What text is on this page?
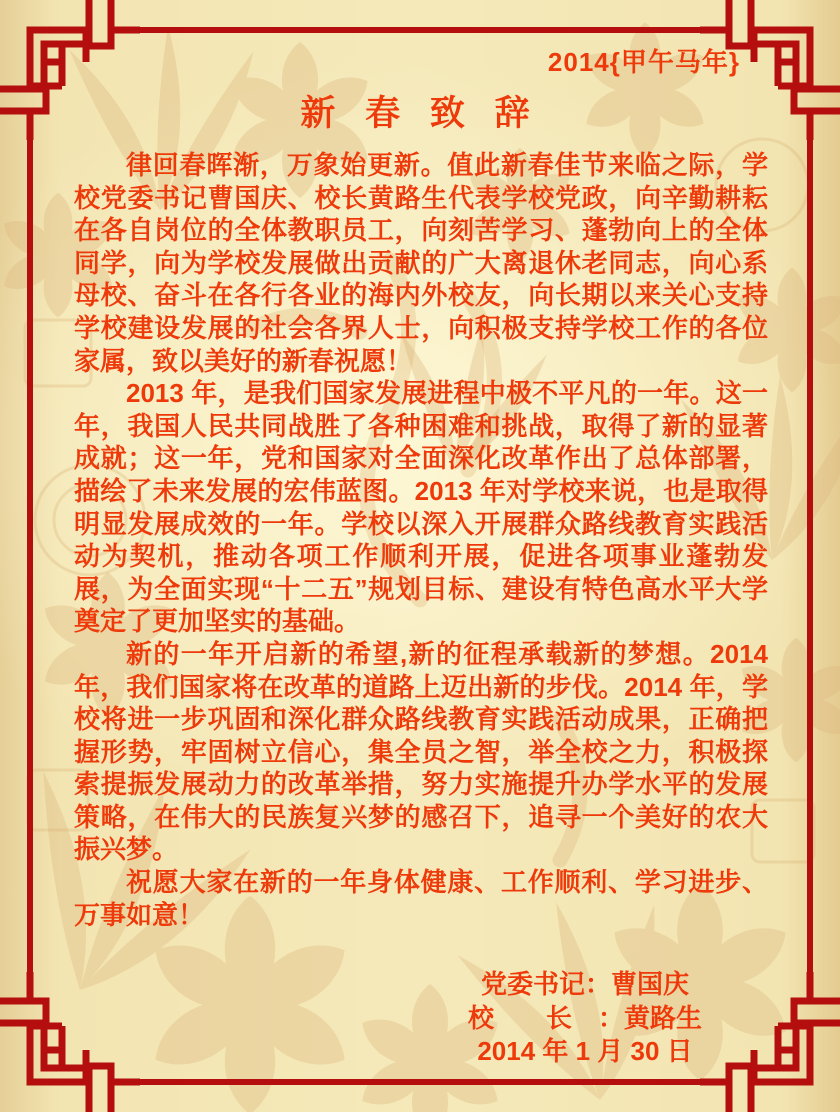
2014{甲午马年}
新 春 致 辞

律回春晖渐，万象始更新。值此新春佳节来临之际，学校党委书记曹国庆、校长黄路生代表学校党政，向辛勤耕耘在各自岗位的全体教职员工，向刻苦学习、蓬勃向上的全体同学，向为学校发展做出贡献的广大离退休老同志，向心系母校、奋斗在各行各业的海内外校友，向长期以来关心支持学校建设发展的社会各界人士，向积极支持学校工作的各位家属，致以美好的新春祝愿！

2013 年，是我们国家发展进程中极不平凡的一年。这一年，我国人民共同战胜了各种困难和挑战，取得了新的显著成就；这一年，党和国家对全面深化改革作出了总体部署，描绘了未来发展的宏伟蓝图。2013 年对学校来说，也是取得明显发展成效的一年。学校以深入开展群众路线教育实践活动为契机，推动各项工作顺利开展，促进各项事业蓬勃发展，为全面实现“十二五”规划目标、建设有特色高水平大学奠定了更加坚实的基础。

新的一年开启新的希望,新的征程承载新的梦想。2014 年，我们国家将在改革的道路上迈出新的步伐。2014 年，学校将进一步巩固和深化群众路线教育实践活动成果，正确把握形势，牢固树立信心，集全员之智，举全校之力，积极探索提振发展动力的改革举措，努力实施提升办学水平的发展策略，在伟大的民族复兴梦的感召下，追寻一个美好的农大振兴梦。

祝愿大家在新的一年身体健康、工作顺利、学习进步、万事如意！

党委书记：曹国庆
校　　长　：黄路生
2014 年 1 月 30 日
